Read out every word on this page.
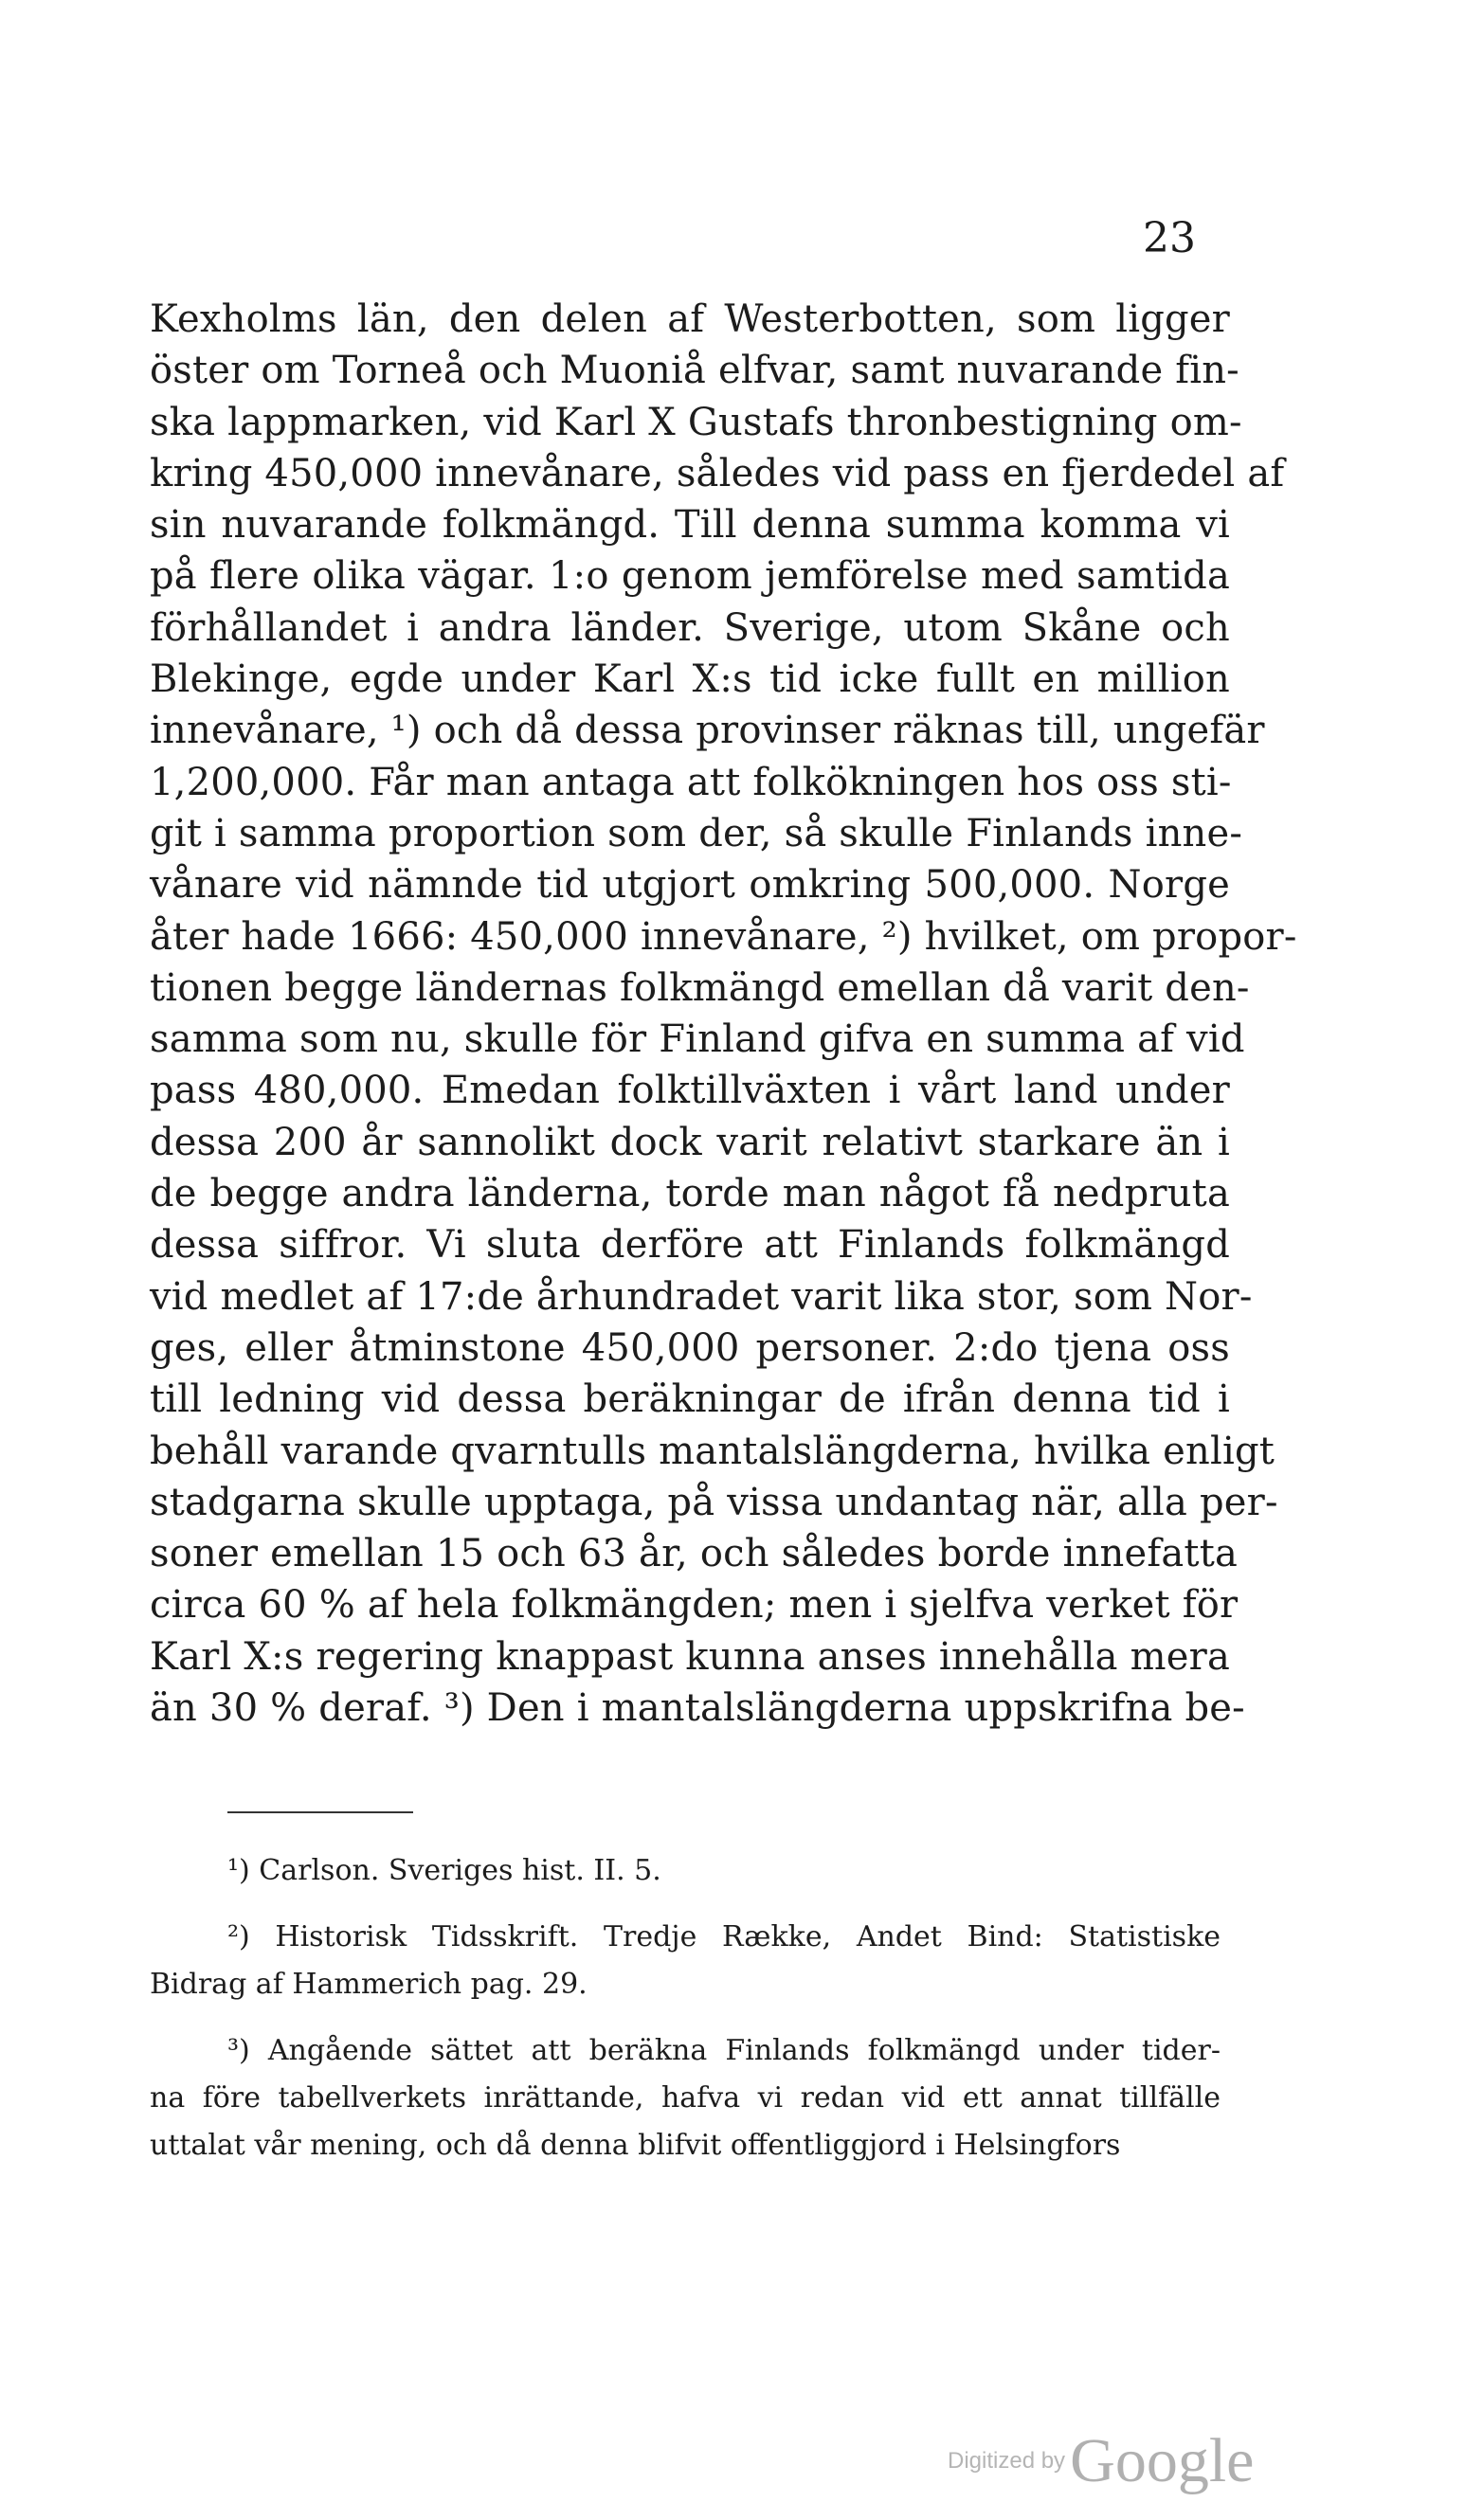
23
Kexholms län, den delen af Westerbotten, som ligger
öster om Torneå och Muoniå elfvar, samt nuvarande fin-
ska lappmarken, vid Karl X Gustafs thronbestigning om-
kring 450,000 innevånare, således vid pass en fjerdedel af
sin nuvarande folkmängd. Till denna summa komma vi
på flere olika vägar. 1:o genom jemförelse med samtida
förhållandet i andra länder. Sverige, utom Skåne och
Blekinge, egde under Karl X:s tid icke fullt en million
innevånare, ¹) och då dessa provinser räknas till, ungefär
1,200,000. Får man antaga att folkökningen hos oss sti-
git i samma proportion som der, så skulle Finlands inne-
vånare vid nämnde tid utgjort omkring 500,000. Norge
åter hade 1666: 450,000 innevånare, ²) hvilket, om propor-
tionen begge ländernas folkmängd emellan då varit den-
samma som nu, skulle för Finland gifva en summa af vid
pass 480,000. Emedan folktillväxten i vårt land under
dessa 200 år sannolikt dock varit relativt starkare än i
de begge andra länderna, torde man något få nedpruta
dessa siffror. Vi sluta derföre att Finlands folkmängd
vid medlet af 17:de århundradet varit lika stor, som Nor-
ges, eller åtminstone 450,000 personer. 2:do tjena oss
till ledning vid dessa beräkningar de ifrån denna tid i
behåll varande qvarntulls mantalslängderna, hvilka enligt
stadgarna skulle upptaga, på vissa undantag när, alla per-
soner emellan 15 och 63 år, och således borde innefatta
circa 60 % af hela folkmängden; men i sjelfva verket för
Karl X:s regering knappast kunna anses innehålla mera
än 30 % deraf. ³) Den i mantalslängderna uppskrifna be-
¹) Carlson. Sveriges hist. II. 5.
²) Historisk Tidsskrift. Tredje Række, Andet Bind: Statistiske
Bidrag af Hammerich pag. 29.
³) Angående sättet att beräkna Finlands folkmängd under tider-
na före tabellverkets inrättande, hafva vi redan vid ett annat tillfälle
uttalat vår mening, och då denna blifvit offentliggjord i Helsingfors
Digitized by Google
